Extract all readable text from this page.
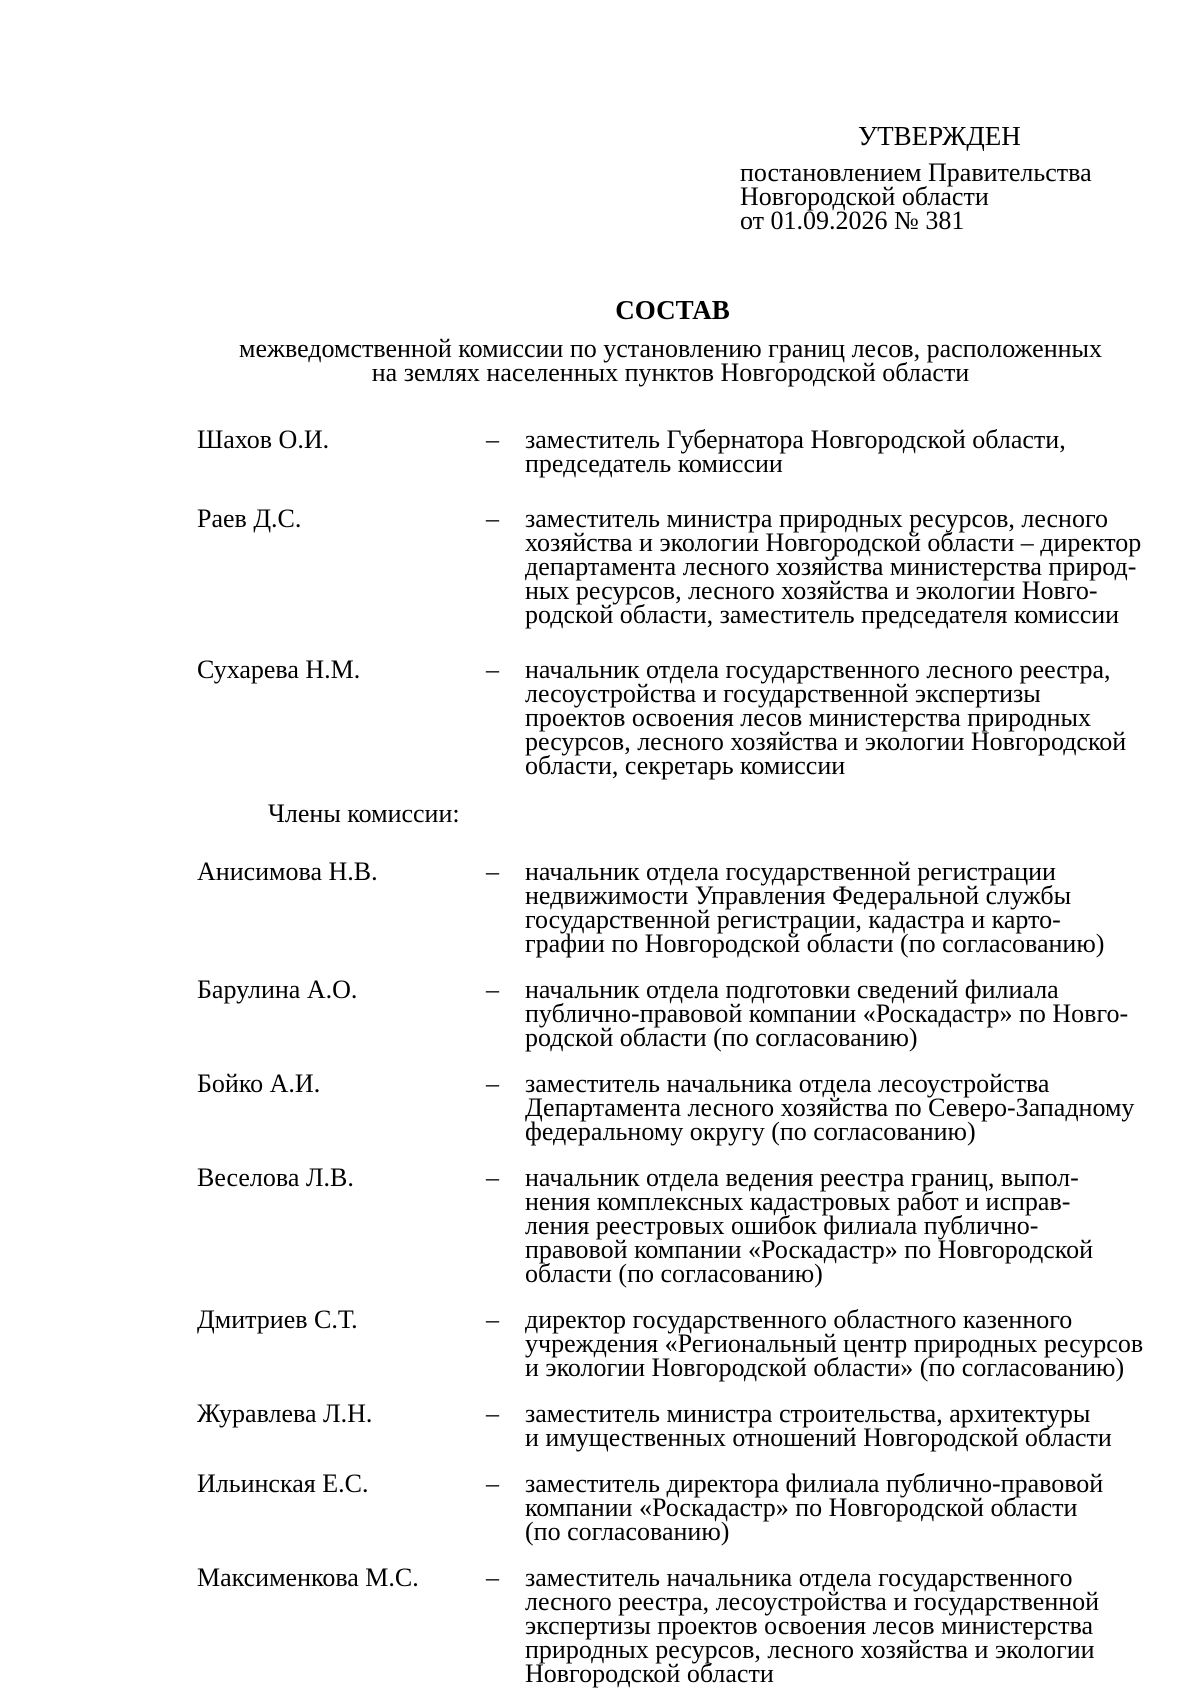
УТВЕРЖДЕН
постановлением Правительства
Новгородской области
от 01.09.2026 № 381
СОСТАВ
межведомственной комиссии по установлению границ лесов, расположенных
на землях населенных пунктов Новгородской области
Шахов О.И.	– заместитель Губернатора Новгородской области,
председатель комиссии
Раев Д.С.	– заместитель министра природных ресурсов, лесного
хозяйства и экологии Новгородской области – директор
департамента лесного хозяйства министерства природ-
ных ресурсов, лесного хозяйства и экологии Новго-
родской области, заместитель председателя комиссии
Сухарева Н.М.	– начальник отдела государственного лесного реестра,
лесоустройства и государственной экспертизы
проектов освоения лесов министерства природных
ресурсов, лесного хозяйства и экологии Новгородской
области, секретарь комиссии
Члены комиссии:
Анисимова Н.В.	– начальник отдела государственной регистрации
недвижимости Управления Федеральной службы
государственной регистрации, кадастра и карто-
графии по Новгородской области (по согласованию)
Барулина А.О.	– начальник отдела подготовки сведений филиала
публично-правовой компании «Роскадастр» по Новго-
родской области (по согласованию)
Бойко А.И.	– заместитель начальника отдела лесоустройства
Департамента лесного хозяйства по Северо-Западному
федеральному округу (по согласованию)
Веселова Л.В.	– начальник отдела ведения реестра границ, выпол-
нения комплексных кадастровых работ и исправ-
ления реестровых ошибок филиала публично-
правовой компании «Роскадастр» по Новгородской
области (по согласованию)
Дмитриев С.Т.	– директор государственного областного казенного
учреждения «Региональный центр природных ресурсов
и экологии Новгородской области» (по согласованию)
Журавлева Л.Н.	– заместитель министра строительства, архитектуры
и имущественных отношений Новгородской области
Ильинская Е.С.	– заместитель директора филиала публично-правовой
компании «Роскадастр» по Новгородской области
(по согласованию)
Максименкова М.С.	– заместитель начальника отдела государственного
лесного реестра, лесоустройства и государственной
экспертизы проектов освоения лесов министерства
природных ресурсов, лесного хозяйства и экологии
Новгородской области
